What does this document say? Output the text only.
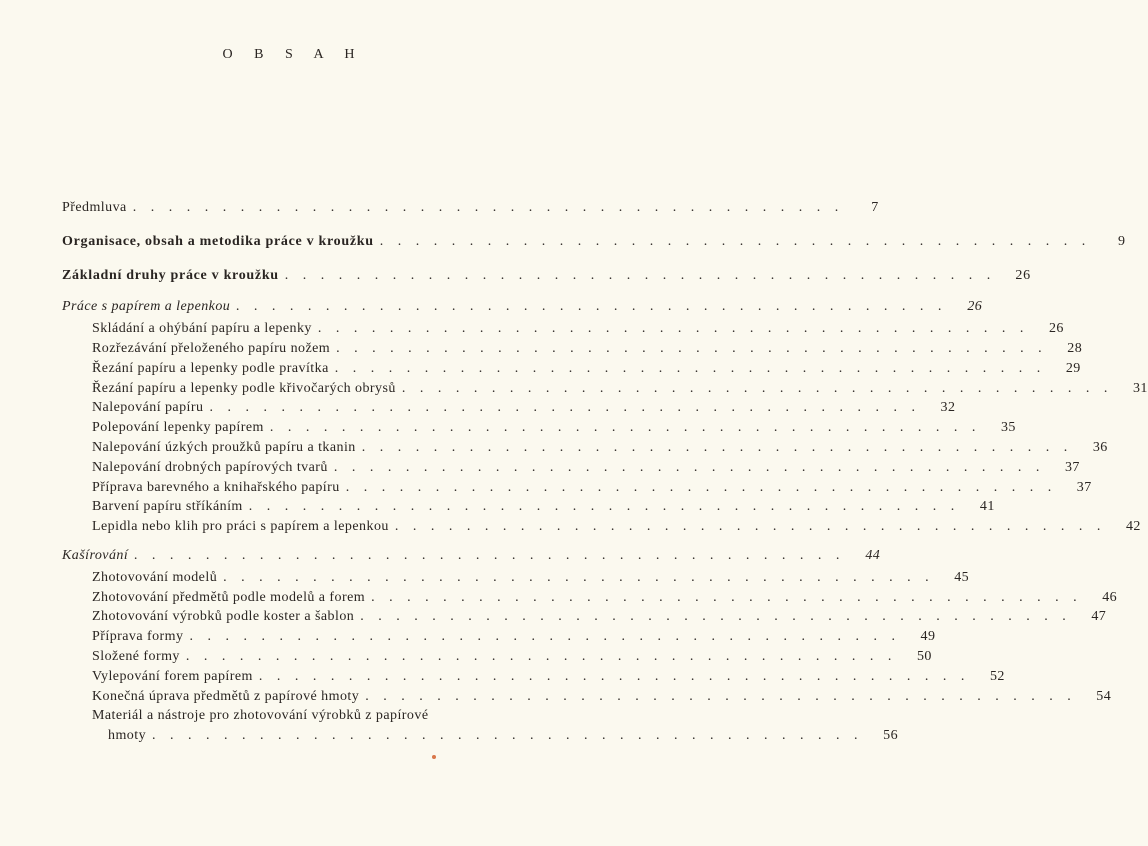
O B S A H
Předmluva ........................................	7
Organisace, obsah a metodika práce v kroužku ........................................	9
Základní druhy práce v kroužku ........................................ 26
Práce s papírem a lepenkou ........................................ 26
Skládání a ohýbání papíru a lepenky ........................................ 26
Rozřezávání přeloženého papíru nožem ........................................ 28
Řezání papíru a lepenky podle pravítka ........................................ 29
Řezání papíru a lepenky podle křivočarých obrysů ........................................ 31
Nalepování papíru ........................................ 32
Polepování lepenky papírem ........................................ 35
Nalepování úzkých proužků papíru a tkanin ........................................ 36
Nalepování drobných papírových tvarů ........................................ 37
Příprava barevného a knihařského papíru ........................................ 37
Barvení papíru stříkáním ........................................ 41
Lepidla nebo klih pro práci s papírem a lepenkou ........................................ 42
Kašírování ........................................ 44
Zhotovování modelů ........................................ 45
Zhotovování předmětů podle modelů a forem ........................................ 46
Zhotovování výrobků podle koster a šablon ........................................ 47
Příprava formy ........................................ 49
Složené formy ........................................ 50
Vylepování forem papírem ........................................ 52
Konečná úprava předmětů z papírové hmoty ........................................ 54
Materiál a nástroje pro zhotovování výrobků z papírové
hmoty ........................................ 56
